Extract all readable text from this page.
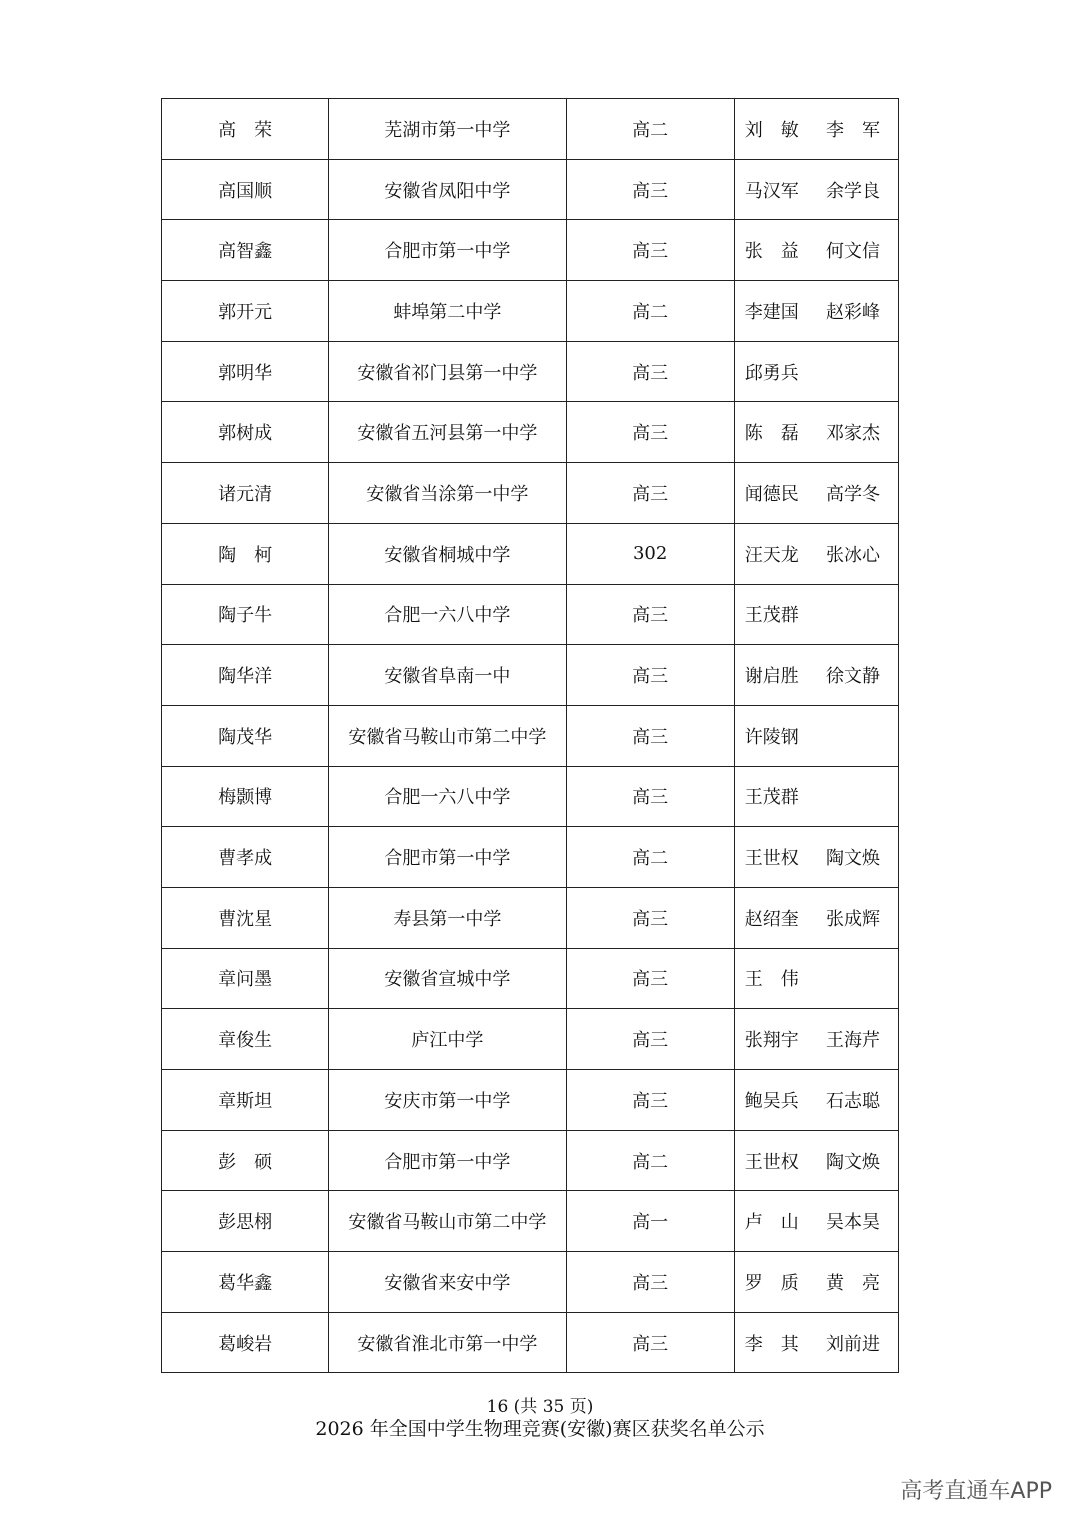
高　荣	芜湖市第一中学	高二	刘　敏 李　军

高国顺	安徽省凤阳中学	高三	马汉军 余学良

高智鑫	合肥市第一中学	高三	张　益 何文信

郭开元	蚌埠第二中学	高二	李建国 赵彩峰

郭明华	安徽省祁门县第一中学	高三	邱勇兵

郭树成	安徽省五河县第一中学	高三	陈　磊 邓家杰

诸元清	安徽省当涂第一中学	高三	闻德民 高学冬

陶　柯	安徽省桐城中学	302	汪天龙 张冰心

陶子牛	合肥一六八中学	高三	王茂群

陶华洋	安徽省阜南一中	高三	谢启胜 徐文静

陶茂华	安徽省马鞍山市第二中学	高三	许陵钢

梅颢博	合肥一六八中学	高三	王茂群

曹孝成	合肥市第一中学	高二	王世权 陶文焕

曹沈星	寿县第一中学	高三	赵绍奎 张成辉

章问墨	安徽省宣城中学	高三	王　伟

章俊生	庐江中学	高三	张翔宇 王海芹

章斯坦	安庆市第一中学	高三	鲍吴兵 石志聪

彭　硕	合肥市第一中学	高二	王世权 陶文焕

彭思栩	安徽省马鞍山市第二中学	高一	卢　山 吴本昊

葛华鑫	安徽省来安中学	高三	罗　质 黄　亮

葛峻岩	安徽省淮北市第一中学	高三	李　其 刘前进
16 (共 35 页)
2026 年全国中学生物理竞赛(安徽)赛区获奖名单公示
高考直通车APP
